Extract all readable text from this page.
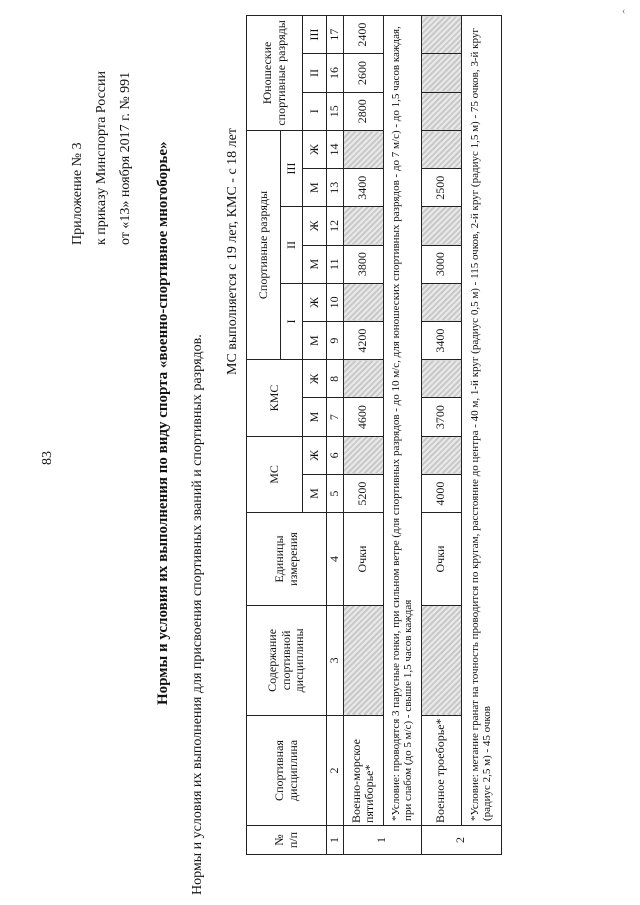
83
Приложение № 3 к приказу Минспорта России от «13» ноября 2017 г. № 991 Нормы и условия их выполнения по виду спорта «военно-спортивное многоборье» Нормы и условия их выполнения для присвоения спортивных званий и спортивных разрядов.
МС выполняется с 19 лет, КМС - с 18 лет
№ п/п	Спортивная дисциплина	Содержание спортивной дисциплины	Единицы измерения	МС		КМС		Спортивные разряды						Юношеские спортивные разряды		
								I		II		III				
				М	Ж	М	Ж	М	Ж	М	Ж	М	Ж	I	II	III
1	2	3	4	5	6	7	8	9	10	11	12	13	14	15	16	17
1	Военно-морское пятиборье*		Очки	5200		4600		4200		3800		3400		2800	2600	2400
	*Условие: проводятся 3 парусные гонки, при сильном ветре (для спортивных разрядов - до 10 м/с, для юношеских спортивных разрядов - до 7 м/с) - до 1,5 часов каждая, при слабом (до 5 м/с) - свыше 1,5 часов каждая															
2	Военное троеборье*		Очки	4000		3700		3400		3000		2500				
	*Условие: метание гранат на точность проводится по кругам, расстояние до центра - 40 м, 1-й круг (радиус 0,5 м) - 115 очков, 2-й круг (радиус 1,5 м) - 75 очков, 3-й круг (радиус 2,5 м) - 45 очков															
‹
